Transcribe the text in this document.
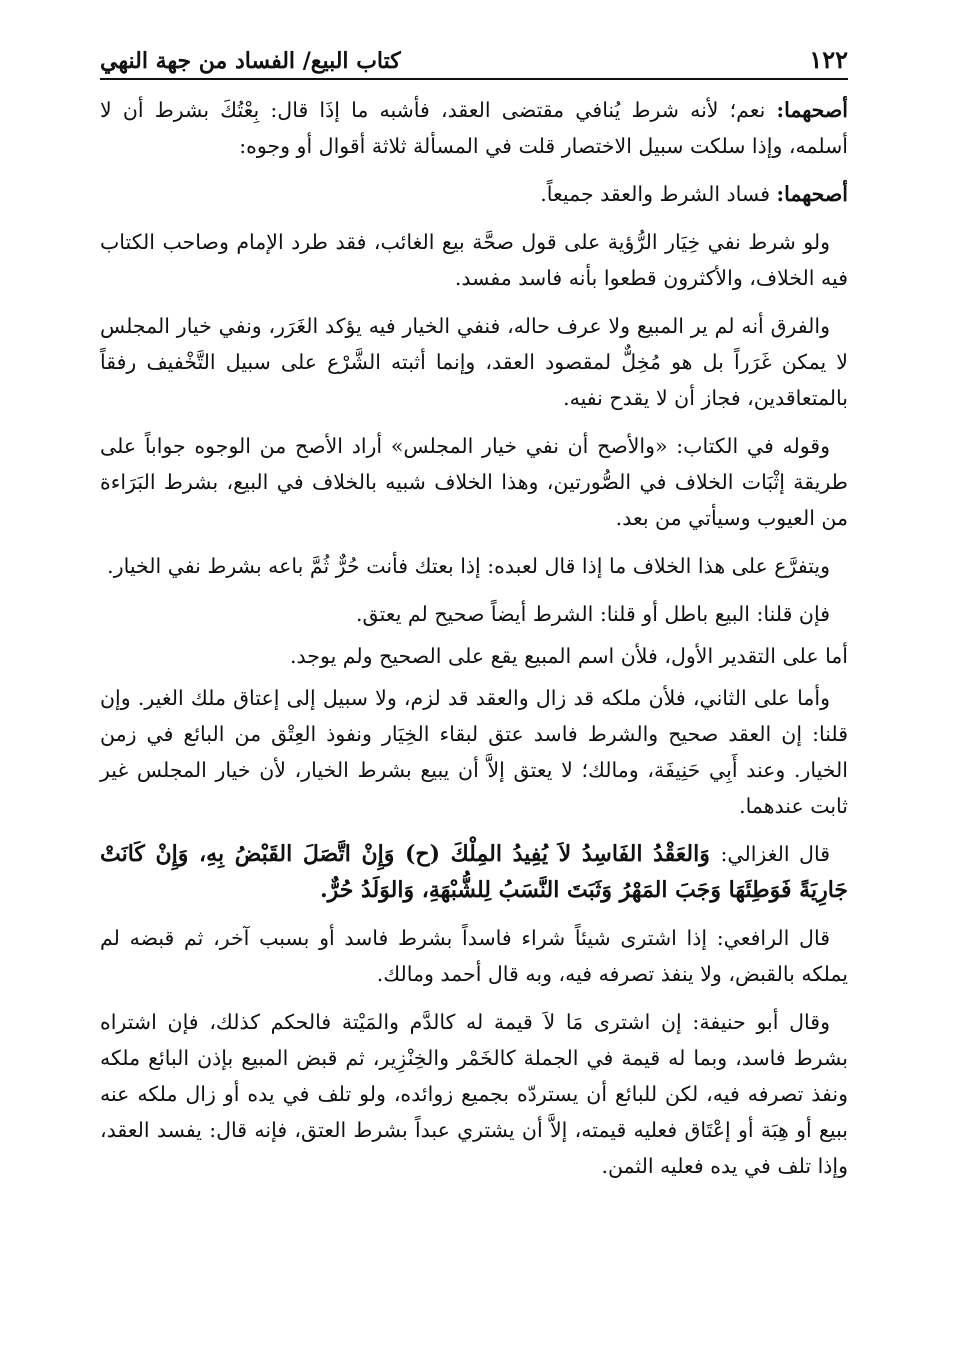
١٢٢
كتاب البيع/ الفساد من جهة النهي

أصحهما: نعم؛ لأنه شرط يُنافي مقتضى العقد، فأشبه ما إذَا قال: بِعْتُكَ بشرط أن لا أسلمه، وإذا سلكت سبيل الاختصار قلت في المسألة ثلاثة أقوال أو وجوه:

أصحهما: فساد الشرط والعقد جميعاً.

ولو شرط نفي خِيَار الرُّؤية على قول صحَّة بيع الغائب، فقد طرد الإمام وصاحب الكتاب فيه الخلاف، والأكثرون قطعوا بأنه فاسد مفسد.

والفرق أنه لم ير المبيع ولا عرف حاله، فنفي الخيار فيه يؤكد الغَرَر، ونفي خيار المجلس لا يمكن غَرَراً بل هو مُخِلٌّ لمقصود العقد، وإنما أثبته الشَّرْع على سبيل التَّخْفيف رفقاً بالمتعاقدين، فجاز أن لا يقدح نفيه.

وقوله في الكتاب: «والأصح أن نفي خيار المجلس» أراد الأصح من الوجوه جواباً على طريقة إثْبَات الخلاف في الصُّورتين، وهذا الخلاف شبيه بالخلاف في البيع، بشرط البَرَاءة من العيوب وسيأتي من بعد.

ويتفرَّع على هذا الخلاف ما إذا قال لعبده: إذا بعتك فأنت حُرٌّ ثُمَّ باعه بشرط نفي الخيار.

فإن قلنا: البيع باطل أو قلنا: الشرط أيضاً صحيح لم يعتق.

أما على التقدير الأول، فلأن اسم المبيع يقع على الصحيح ولم يوجد.

وأما على الثاني، فلأن ملكه قد زال والعقد قد لزم، ولا سبيل إلى إعتاق ملك الغير. وإن قلنا: إن العقد صحيح والشرط فاسد عتق لبقاء الخِيَار ونفوذ العِتْق من البائع في زمن الخيار. وعند أَبِي حَنِيفَة، ومالك؛ لا يعتق إلاَّ أن يبيع بشرط الخيار، لأن خيار المجلس غير ثابت عندهما.

قال الغزالي: وَالعَقْدُ الفَاسِدُ لاَ يُفِيدُ المِلْكَ (ح) وَإِنْ اتَّصَلَ القَبْضُ بِهِ، وَإِنْ كَانَتْ جَارِيَةً فَوَطِئَهَا وَجَبَ المَهْرُ وَثَبَتَ النَّسَبُ لِلشُّبْهَةِ، وَالوَلَدُ حُرٌّ.

قال الرافعي: إذا اشترى شيئاً شراء فاسداً بشرط فاسد أو بسبب آخر، ثم قبضه لم يملكه بالقبض، ولا ينفذ تصرفه فيه، وبه قال أحمد ومالك.

وقال أبو حنيفة: إن اشترى مَا لاَ قيمة له كالدَّم والمَيْتة فالحكم كذلك، فإن اشتراه بشرط فاسد، وبما له قيمة في الجملة كالخَمْر والخِنْزِير، ثم قبض المبيع بإذن البائع ملكه ونفذ تصرفه فيه، لكن للبائع أن يستردّه بجميع زوائده، ولو تلف في يده أو زال ملكه عنه ببيع أو هِبَة أو إعْتَاق فعليه قيمته، إلاَّ أن يشتري عبداً بشرط العتق، فإنه قال: يفسد العقد، وإذا تلف في يده فعليه الثمن.
